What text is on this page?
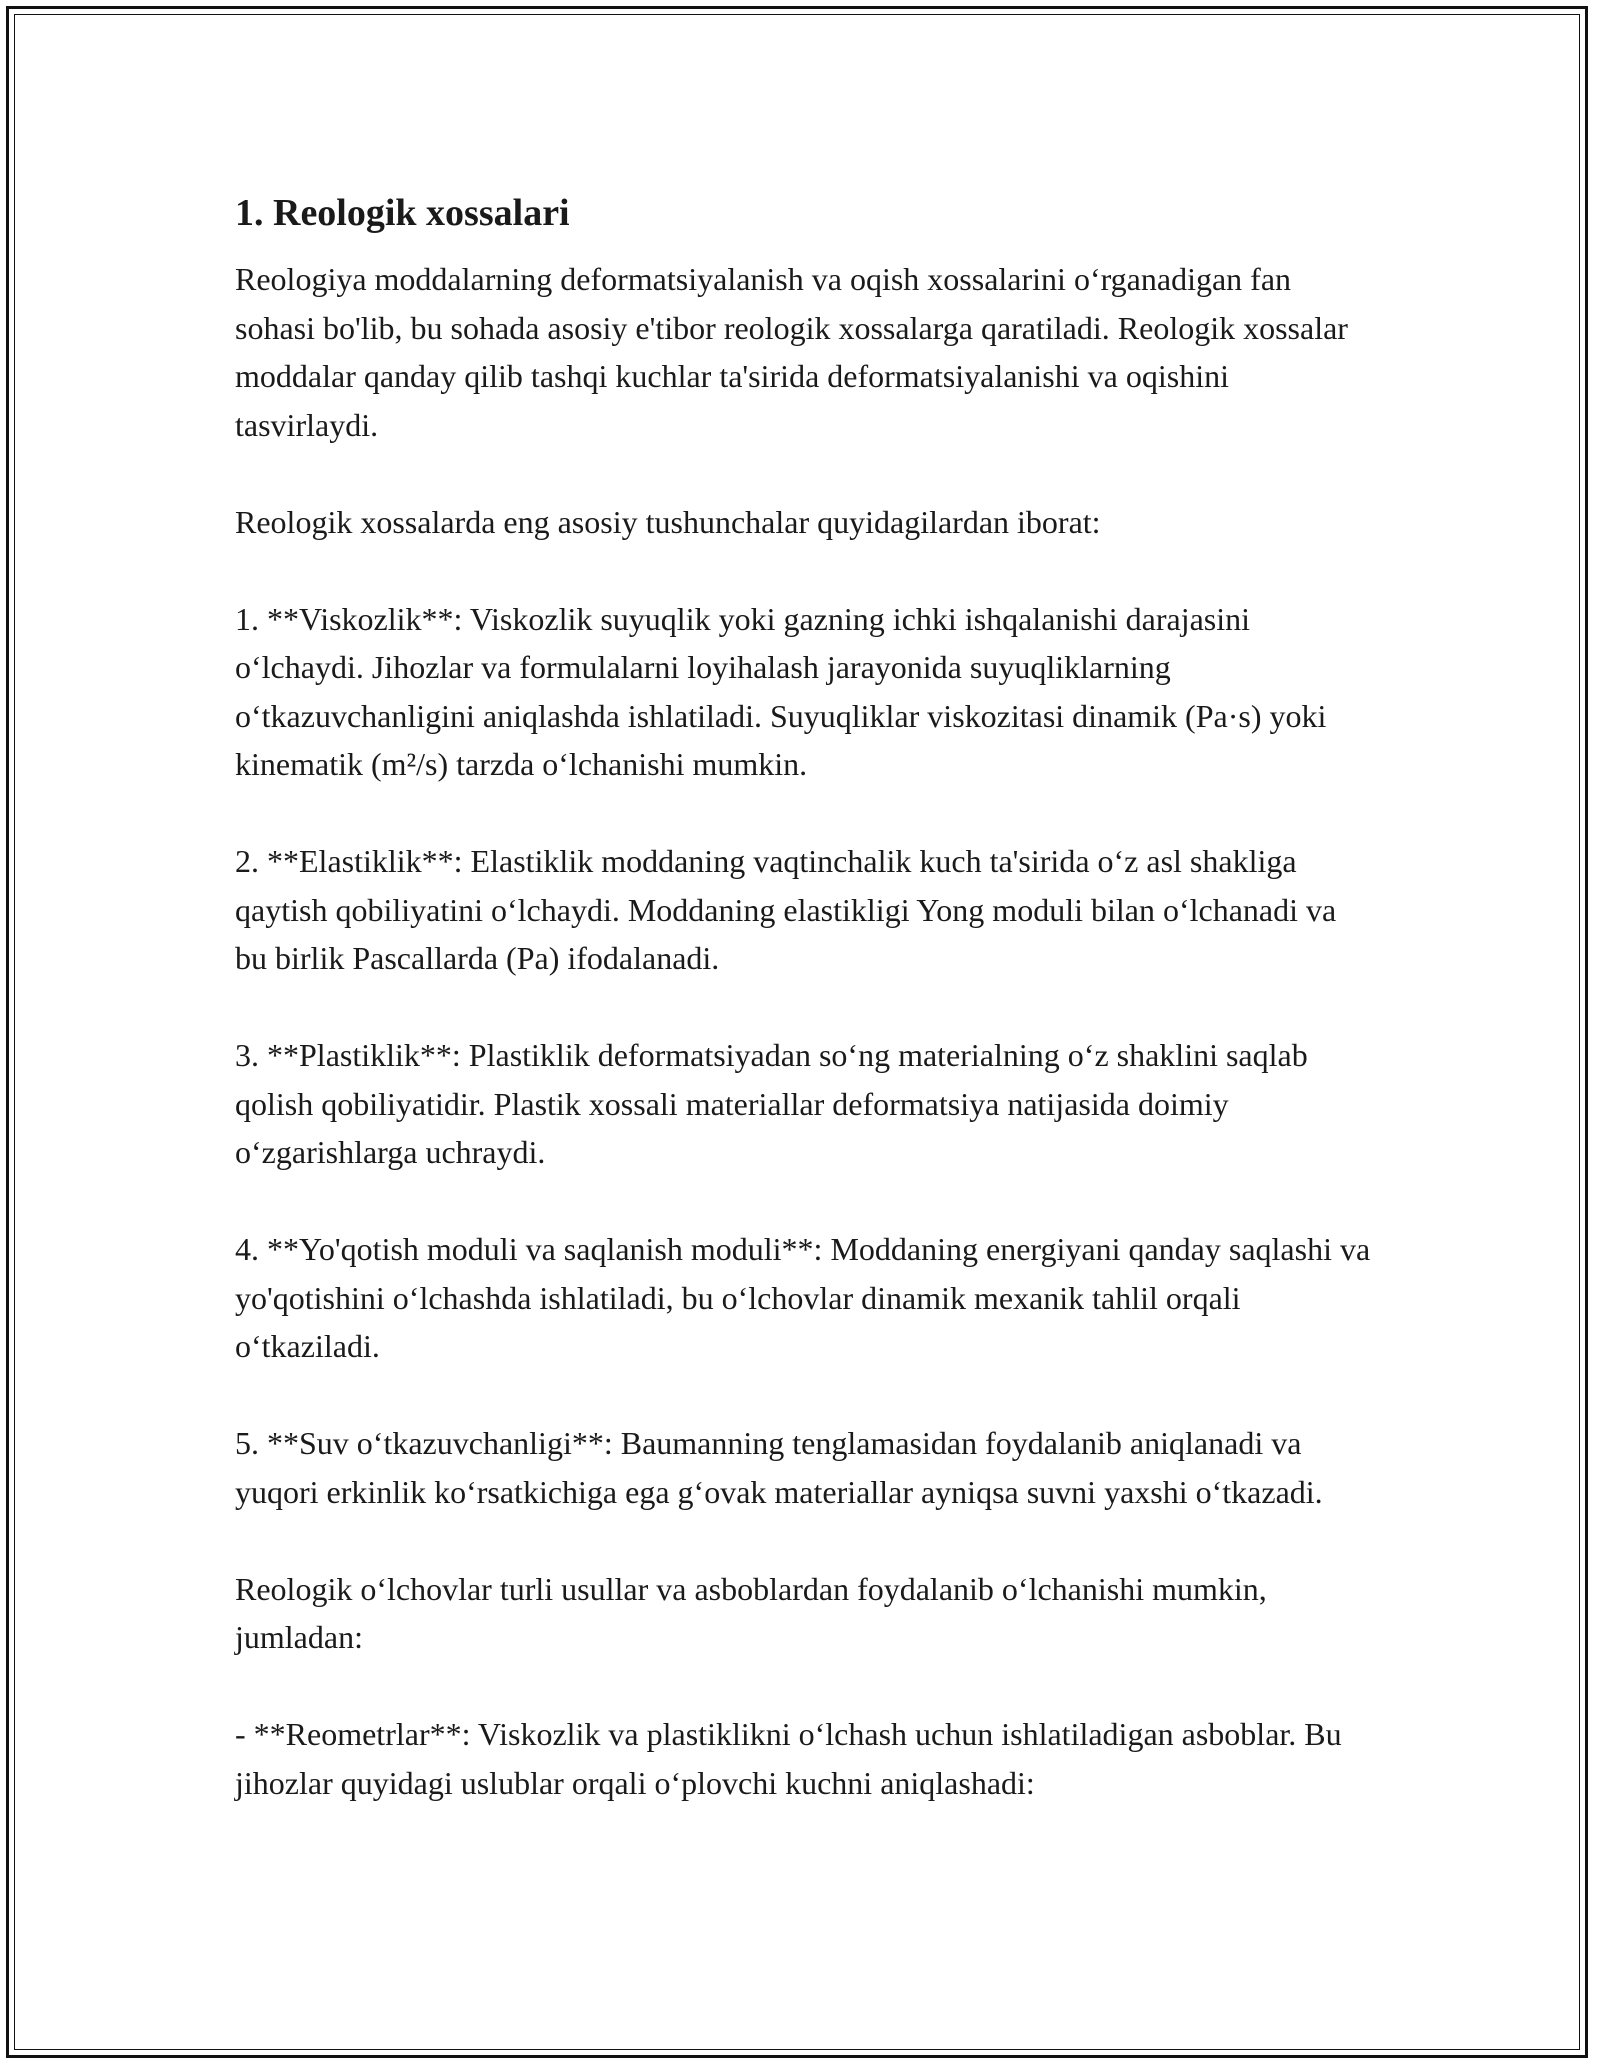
1. Reologik xossalari

Reologiya moddalarning deformatsiyalanish va oqish xossalarini o‘rganadigan fan sohasi bo'lib, bu sohada asosiy e'tibor reologik xossalarga qaratiladi. Reologik xossalar moddalar qanday qilib tashqi kuchlar ta'sirida deformatsiyalanishi va oqishini tasvirlaydi.

Reologik xossalarda eng asosiy tushunchalar quyidagilardan iborat:

1. **Viskozlik**: Viskozlik suyuqlik yoki gazning ichki ishqalanishi darajasini o‘lchaydi. Jihozlar va formulalarni loyihalash jarayonida suyuqliklarning o‘tkazuvchanligini aniqlashda ishlatiladi. Suyuqliklar viskozitasi dinamik (Pa·s) yoki kinematik (m²/s) tarzda o‘lchanishi mumkin.

2. **Elastiklik**: Elastiklik moddaning vaqtinchalik kuch ta'sirida o‘z asl shakliga qaytish qobiliyatini o‘lchaydi. Moddaning elastikligi Yong moduli bilan o‘lchanadi va bu birlik Pascallarda (Pa) ifodalanadi.

3. **Plastiklik**: Plastiklik deformatsiyadan so‘ng materialning o‘z shaklini saqlab qolish qobiliyatidir. Plastik xossali materiallar deformatsiya natijasida doimiy o‘zgarishlarga uchraydi.

4. **Yo'qotish moduli va saqlanish moduli**: Moddaning energiyani qanday saqlashi va yo'qotishini o‘lchashda ishlatiladi, bu o‘lchovlar dinamik mexanik tahlil orqali o‘tkaziladi.

5. **Suv o‘tkazuvchanligi**: Baumanning tenglamasidan foydalanib aniqlanadi va yuqori erkinlik ko‘rsatkichiga ega g‘ovak materiallar ayniqsa suvni yaxshi o‘tkazadi.

Reologik o‘lchovlar turli usullar va asboblardan foydalanib o‘lchanishi mumkin, jumladan:

- **Reometrlar**: Viskozlik va plastiklikni o‘lchash uchun ishlatiladigan asboblar. Bu jihozlar quyidagi uslublar orqali o‘plovchi kuchni aniqlashadi:
